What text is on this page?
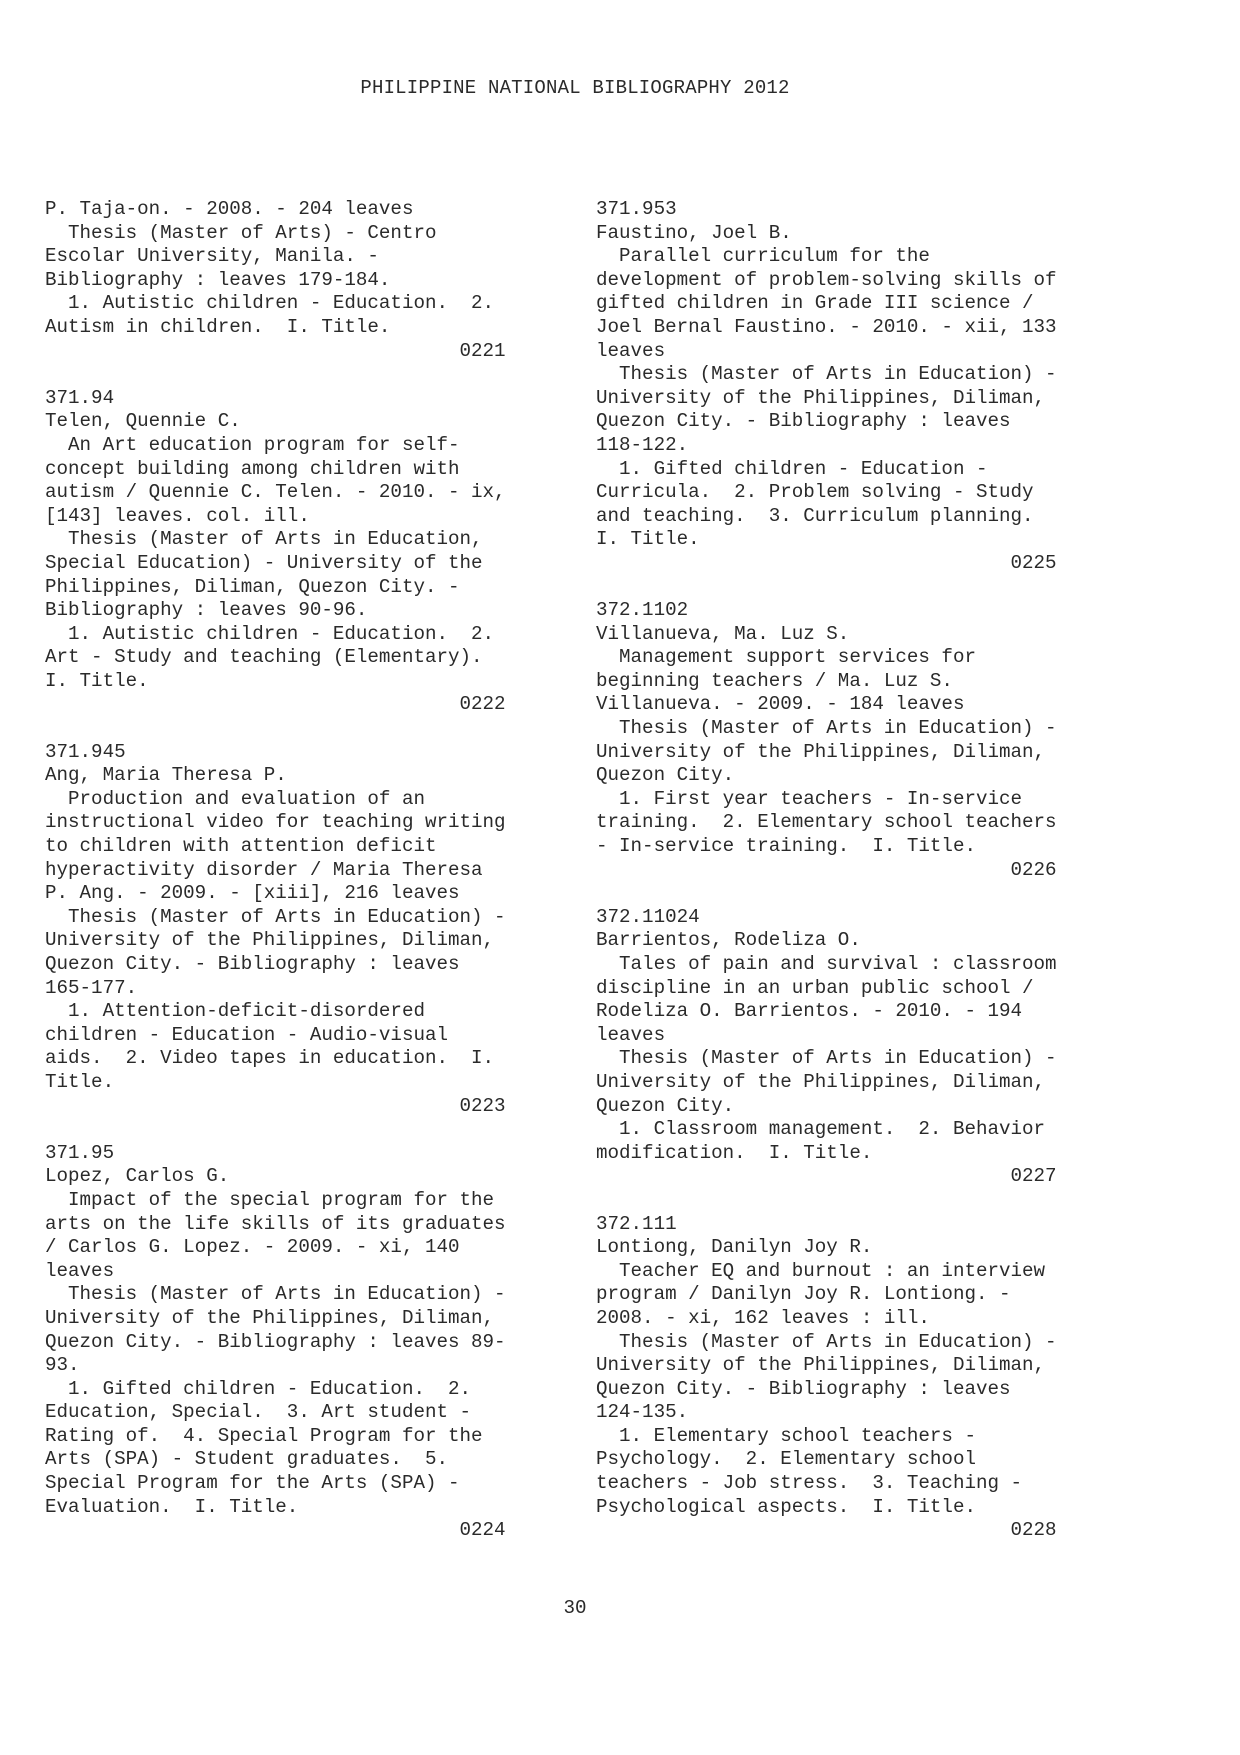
PHILIPPINE NATIONAL BIBLIOGRAPHY 2012
P. Taja-on. - 2008. - 204 leaves
Thesis (Master of Arts) - Centro
Escolar University, Manila. -
Bibliography : leaves 179-184.
1. Autistic children - Education.  2.
Autism in children.  I. Title.
0221

371.94
Telen, Quennie C.
An Art education program for self-
concept building among children with
autism / Quennie C. Telen. - 2010. - ix,
[143] leaves. col. ill.
Thesis (Master of Arts in Education,
Special Education) - University of the
Philippines, Diliman, Quezon City. -
Bibliography : leaves 90-96.
1. Autistic children - Education.  2.
Art - Study and teaching (Elementary).
I. Title.
0222

371.945
Ang, Maria Theresa P.
Production and evaluation of an
instructional video for teaching writing
to children with attention deficit
hyperactivity disorder / Maria Theresa
P. Ang. - 2009. - [xiii], 216 leaves
Thesis (Master of Arts in Education) -
University of the Philippines, Diliman,
Quezon City. - Bibliography : leaves
165-177.
1. Attention-deficit-disordered
children - Education - Audio-visual
aids.  2. Video tapes in education.  I.
Title.
0223

371.95
Lopez, Carlos G.
Impact of the special program for the
arts on the life skills of its graduates
/ Carlos G. Lopez. - 2009. - xi, 140
leaves
Thesis (Master of Arts in Education) -
University of the Philippines, Diliman,
Quezon City. - Bibliography : leaves 89-
93.
1. Gifted children - Education.  2.
Education, Special.  3. Art student -
Rating of.  4. Special Program for the
Arts (SPA) - Student graduates.  5.
Special Program for the Arts (SPA) -
Evaluation.  I. Title.
0224
371.953
Faustino, Joel B.
Parallel curriculum for the
development of problem-solving skills of
gifted children in Grade III science /
Joel Bernal Faustino. - 2010. - xii, 133
leaves
Thesis (Master of Arts in Education) -
University of the Philippines, Diliman,
Quezon City. - Bibliography : leaves
118-122.
1. Gifted children - Education -
Curricula.  2. Problem solving - Study
and teaching.  3. Curriculum planning.
I. Title.
0225

372.1102
Villanueva, Ma. Luz S.
Management support services for
beginning teachers / Ma. Luz S.
Villanueva. - 2009. - 184 leaves
Thesis (Master of Arts in Education) -
University of the Philippines, Diliman,
Quezon City.
1. First year teachers - In-service
training.  2. Elementary school teachers
- In-service training.  I. Title.
0226

372.11024
Barrientos, Rodeliza O.
Tales of pain and survival : classroom
discipline in an urban public school /
Rodeliza O. Barrientos. - 2010. - 194
leaves
Thesis (Master of Arts in Education) -
University of the Philippines, Diliman,
Quezon City.
1. Classroom management.  2. Behavior
modification.  I. Title.
0227

372.111
Lontiong, Danilyn Joy R.
Teacher EQ and burnout : an interview
program / Danilyn Joy R. Lontiong. -
2008. - xi, 162 leaves : ill.
Thesis (Master of Arts in Education) -
University of the Philippines, Diliman,
Quezon City. - Bibliography : leaves
124-135.
1. Elementary school teachers -
Psychology.  2. Elementary school
teachers - Job stress.  3. Teaching -
Psychological aspects.  I. Title.
0228
30
